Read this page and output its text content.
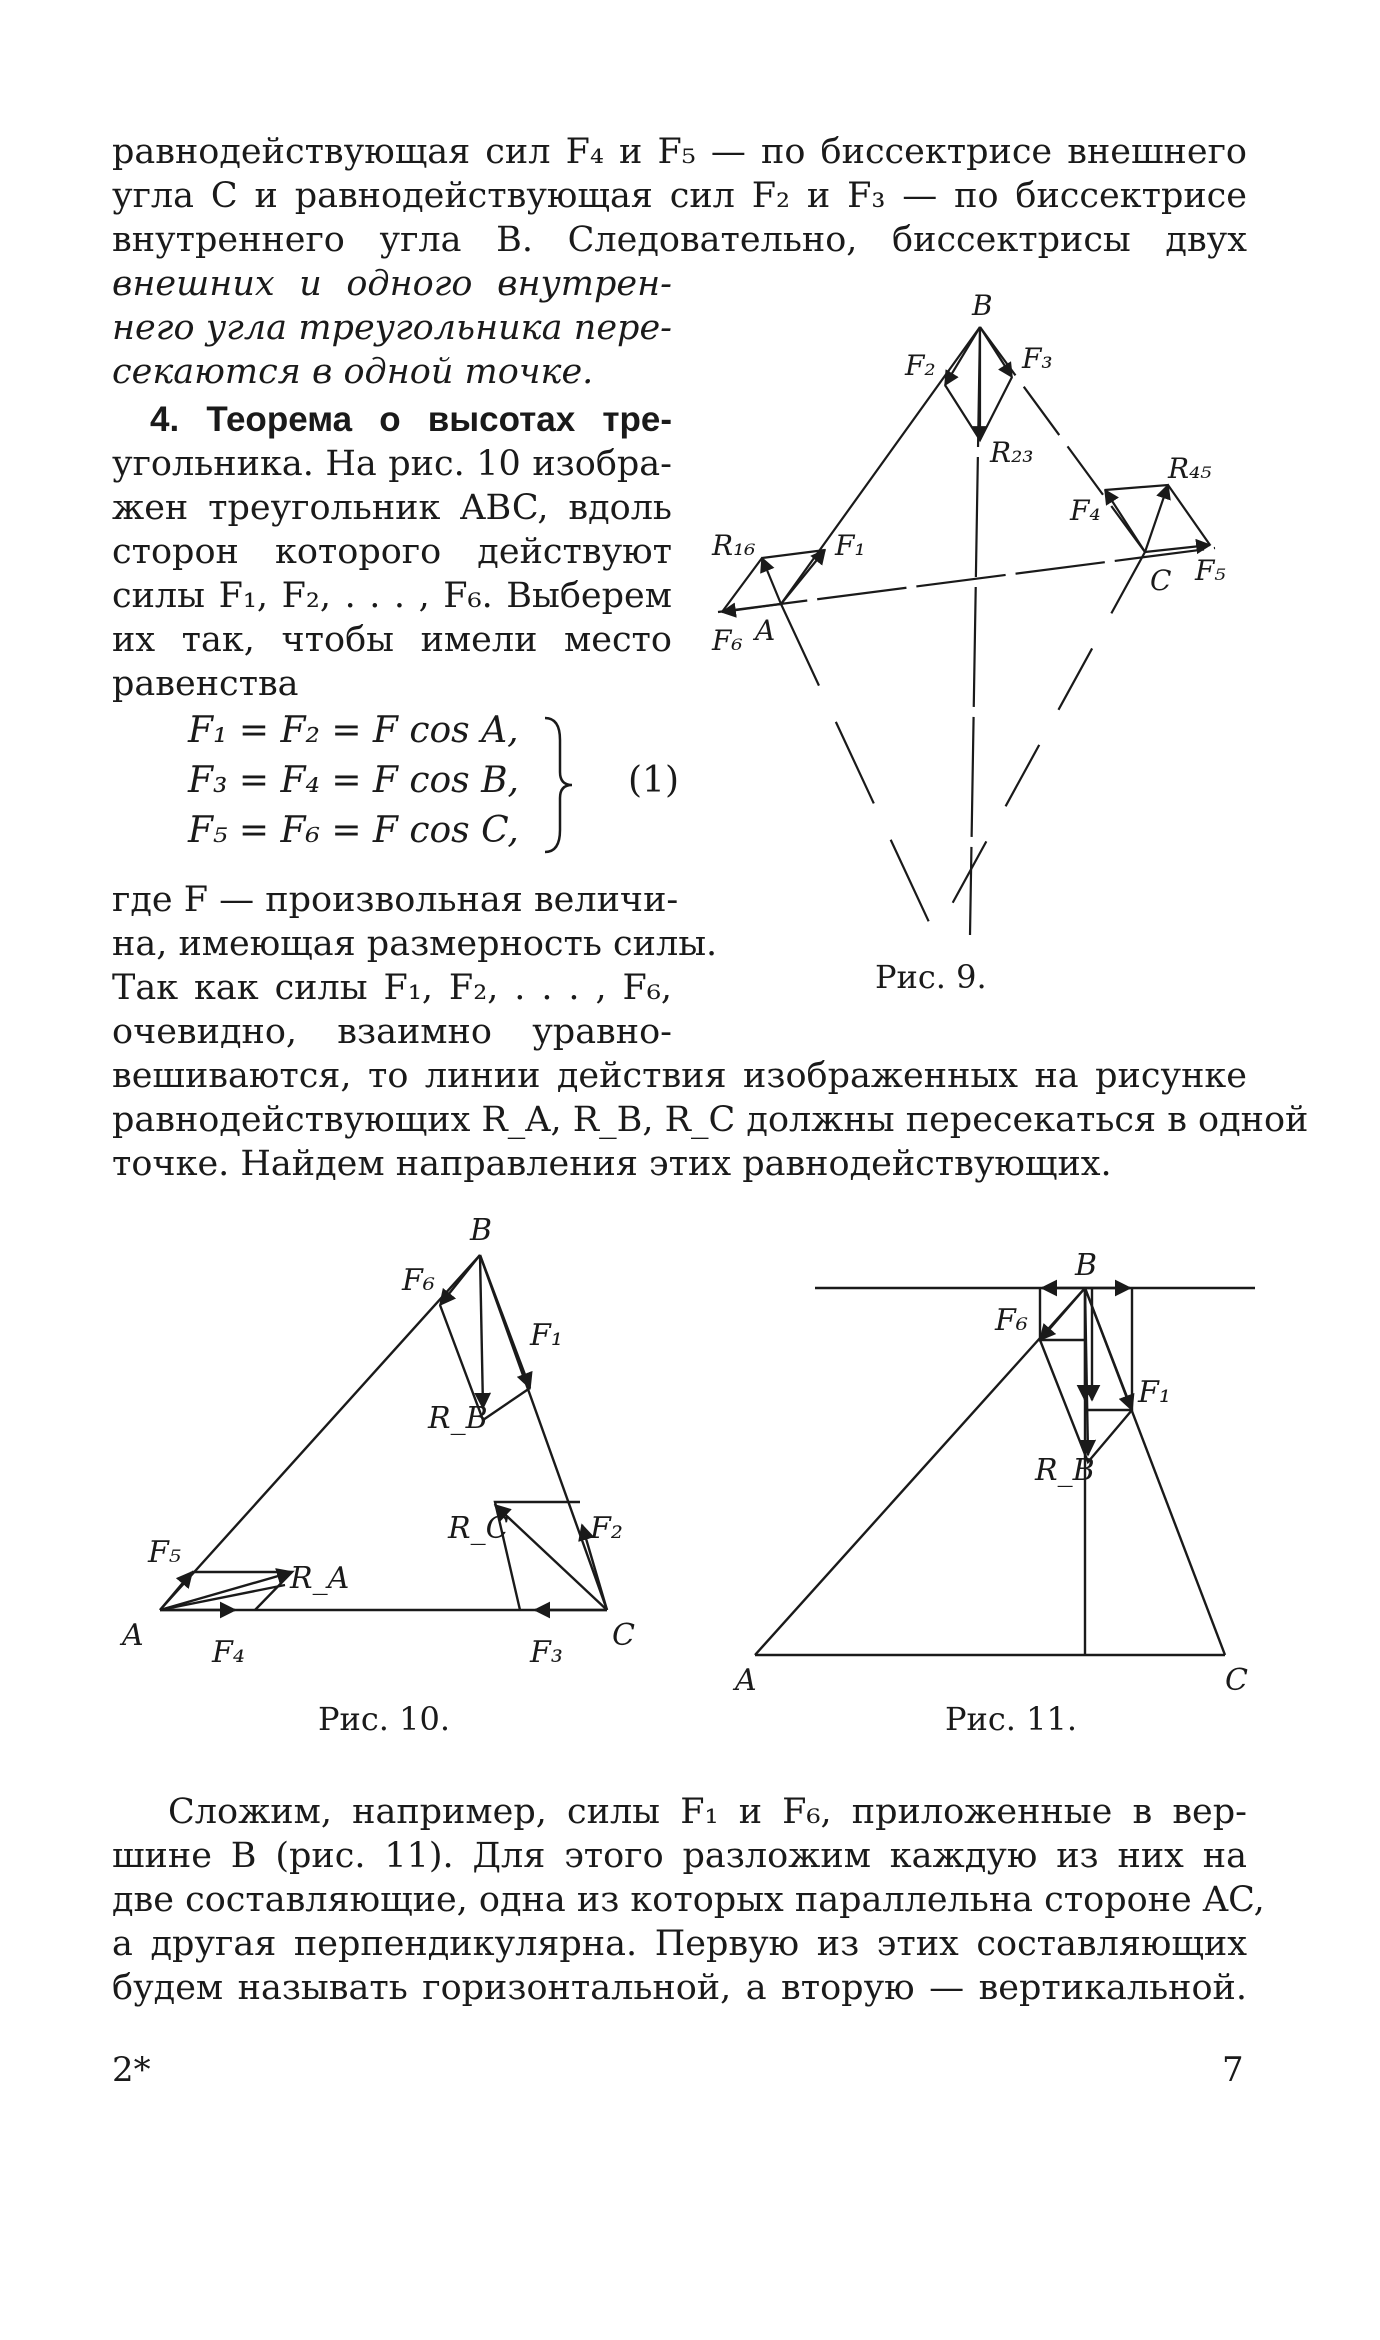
равнодействующая сил F₄ и F₅ — по биссектрисе внешнего
угла C и равнодействующая сил F₂ и F₃ — по биссектрисе
внутреннего угла B. Следовательно, биссектрисы двух
внешних и одного внутрен-
него угла треугольника пере-
секаются в одной точке.
4. Теорема о высотах тре-
угольника. На рис. 10 изобра-
жен треугольник ABC, вдоль
сторон которого действуют
силы F₁, F₂, . . . , F₆. Выберем
их так, чтобы имели место
равенства
F₁ = F₂ = F cos A,
F₃ = F₄ = F cos B,
F₅ = F₆ = F cos C,
(1)
где F — произвольная величи-
на, имеющая размерность силы.
Так как силы F₁, F₂, . . . , F₆,
очевидно, взаимно уравно-
вешиваются, то линии действия изображенных на рисунке
равнодействующих R_A, R_B, R_C должны пересекаться в одной
точке. Найдем направления этих равнодействующих.
B
A
C
F₂	F₃
R₂₃
F₁
F₆
R₁₆
F₄
F₅
R₄₅
Рис. 9.
B
A	C
F₆
F₁
R_B
R_C	F₂
F₃
F₅
R_A
F₄
Рис. 10.
B
A	C
F₆
F₁
R_B
Рис. 11.
Сложим, например, силы F₁ и F₆, приложенные в вер-
шине B (рис. 11). Для этого разложим каждую из них на
две составляющие, одна из которых параллельна стороне AC,
а другая перпендикулярна. Первую из этих составляющих
будем называть горизонтальной, а вторую — вертикальной.
2*	7
